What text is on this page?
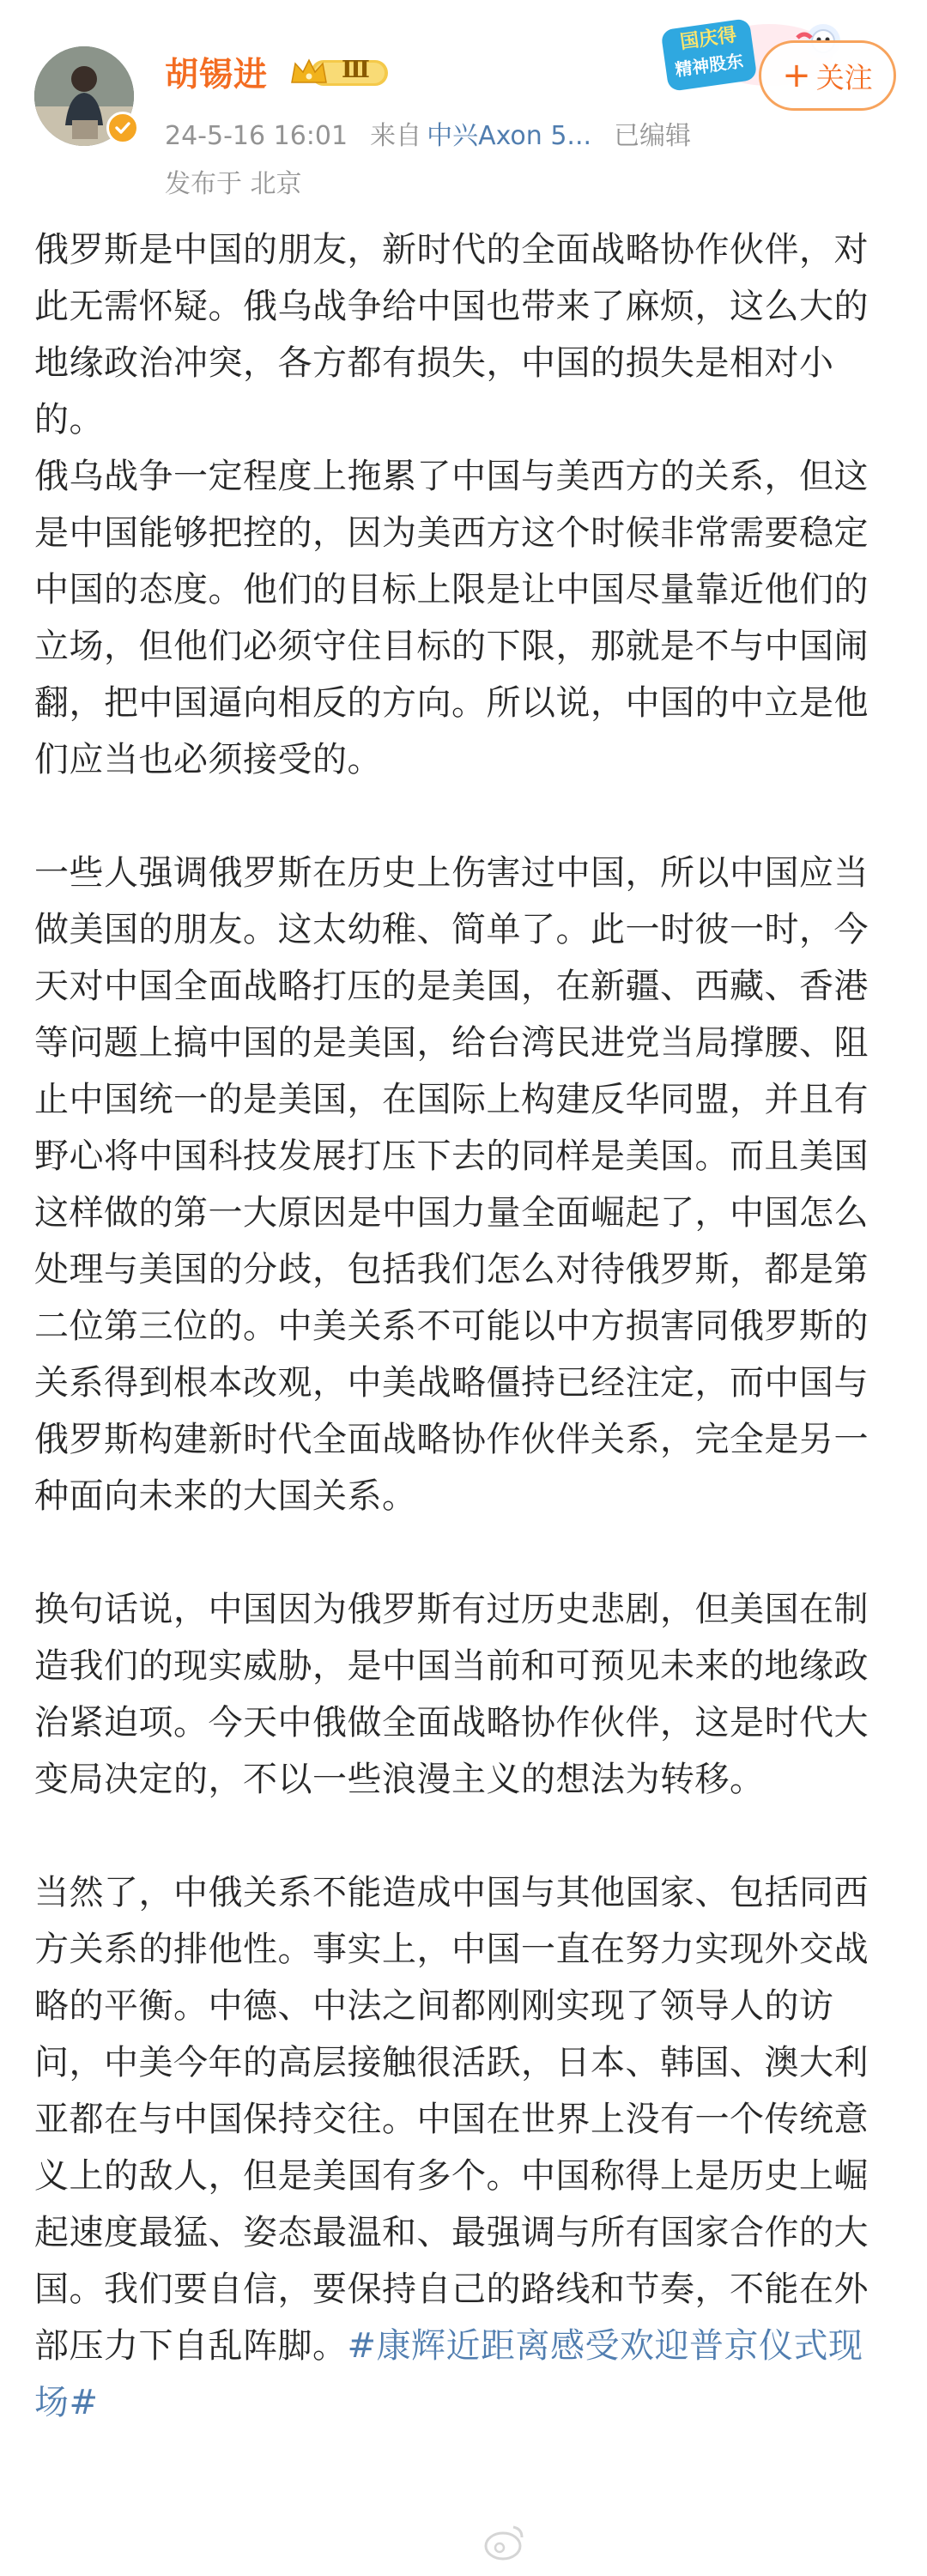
胡锡进	Ⅲ
24-5-16 16:01 来自 中兴Axon 5... 已编辑
发布于 北京
国庆得
精神股东 + 关注

俄罗斯是中国的朋友，新时代的全面战略协作伙伴，对此无需怀疑。俄乌战争给中国也带来了麻烦，这么大的地缘政治冲突，各方都有损失，中国的损失是相对小的。

俄乌战争一定程度上拖累了中国与美西方的关系，但这是中国能够把控的，因为美西方这个时候非常需要稳定中国的态度。他们的目标上限是让中国尽量靠近他们的立场，但他们必须守住目标的下限，那就是不与中国闹翻，把中国逼向相反的方向。所以说，中国的中立是他们应当也必须接受的。

一些人强调俄罗斯在历史上伤害过中国，所以中国应当做美国的朋友。这太幼稚、简单了。此一时彼一时，今天对中国全面战略打压的是美国，在新疆、西藏、香港等问题上搞中国的是美国，给台湾民进党当局撑腰、阻止中国统一的是美国，在国际上构建反华同盟，并且有野心将中国科技发展打压下去的同样是美国。而且美国这样做的第一大原因是中国力量全面崛起了，中国怎么处理与美国的分歧，包括我们怎么对待俄罗斯，都是第二位第三位的。中美关系不可能以中方损害同俄罗斯的关系得到根本改观，中美战略僵持已经注定，而中国与俄罗斯构建新时代全面战略协作伙伴关系，完全是另一种面向未来的大国关系。

换句话说，中国因为俄罗斯有过历史悲剧，但美国在制造我们的现实威胁，是中国当前和可预见未来的地缘政治紧迫项。今天中俄做全面战略协作伙伴，这是时代大变局决定的，不以一些浪漫主义的想法为转移。

当然了，中俄关系不能造成中国与其他国家、包括同西方关系的排他性。事实上，中国一直在努力实现外交战略的平衡。中德、中法之间都刚刚实现了领导人的访问，中美今年的高层接触很活跃，日本、韩国、澳大利亚都在与中国保持交往。中国在世界上没有一个传统意义上的敌人，但是美国有多个。中国称得上是历史上崛起速度最猛、姿态最温和、最强调与所有国家合作的大国。我们要自信，要保持自己的路线和节奏，不能在外部压力下自乱阵脚。#康辉近距离感受欢迎普京仪式现场#
